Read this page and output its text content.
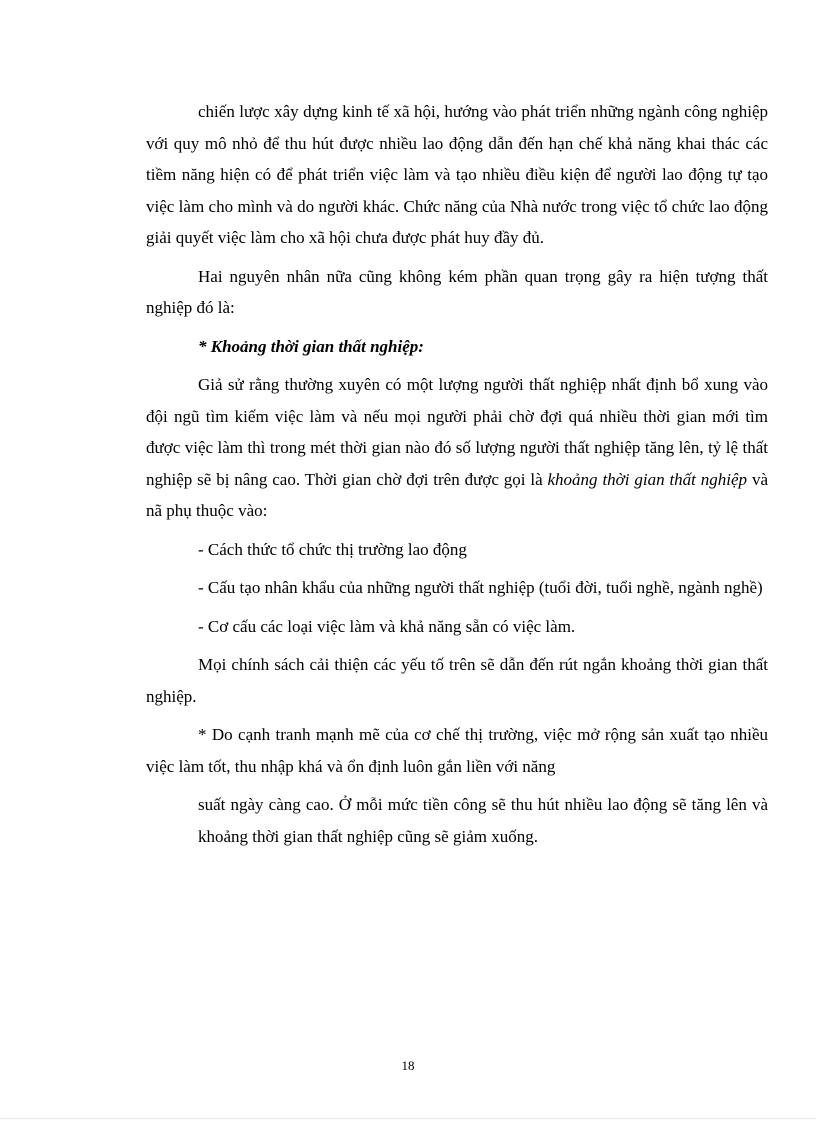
chiến lược xây dựng kinh tế xã hội, hướng vào phát triển những ngành công nghiệp với quy mô nhỏ để thu hút được nhiều lao động dẫn đến hạn chế khả năng khai thác các tiềm năng hiện có để phát triển việc làm và tạo nhiều điều kiện để người lao động tự tạo việc làm cho mình và do người khác. Chức năng của Nhà nước trong việc tổ chức lao động giải quyết việc làm cho xã hội chưa được phát huy đầy đủ.

Hai nguyên nhân nữa cũng không kém phần quan trọng gây ra hiện tượng thất nghiệp đó là:

* Khoảng thời gian thất nghiệp:

Giả sử rằng thường xuyên có một lượng người thất nghiệp nhất định bổ xung vào đội ngũ tìm kiếm việc làm và nếu mọi người phải chờ đợi quá nhiều thời gian mới tìm được việc làm thì trong mét thời gian nào đó số lượng người thất nghiệp tăng lên, tỷ lệ thất nghiệp sẽ bị nâng cao. Thời gian chờ đợi trên được gọi là khoảng thời gian thất nghiệp và nã phụ thuộc vào:

- Cách thức tổ chức thị trường lao động

- Cấu tạo nhân khẩu của những người thất nghiệp (tuổi đời, tuổi nghề, ngành nghề)

- Cơ cấu các loại việc làm và khả năng sẵn có việc làm.

Mọi chính sách cải thiện các yếu tố trên sẽ dẫn đến rút ngắn khoảng thời gian thất nghiệp.

* Do cạnh tranh mạnh mẽ của cơ chế thị trường, việc mở rộng sản xuất tạo nhiều việc làm tốt, thu nhập khá và ổn định luôn gắn liền với năng

suất ngày càng cao. Ở mỗi mức tiền công sẽ thu hút nhiều lao động sẽ tăng lên và khoảng thời gian thất nghiệp cũng sẽ giảm xuống.

18
